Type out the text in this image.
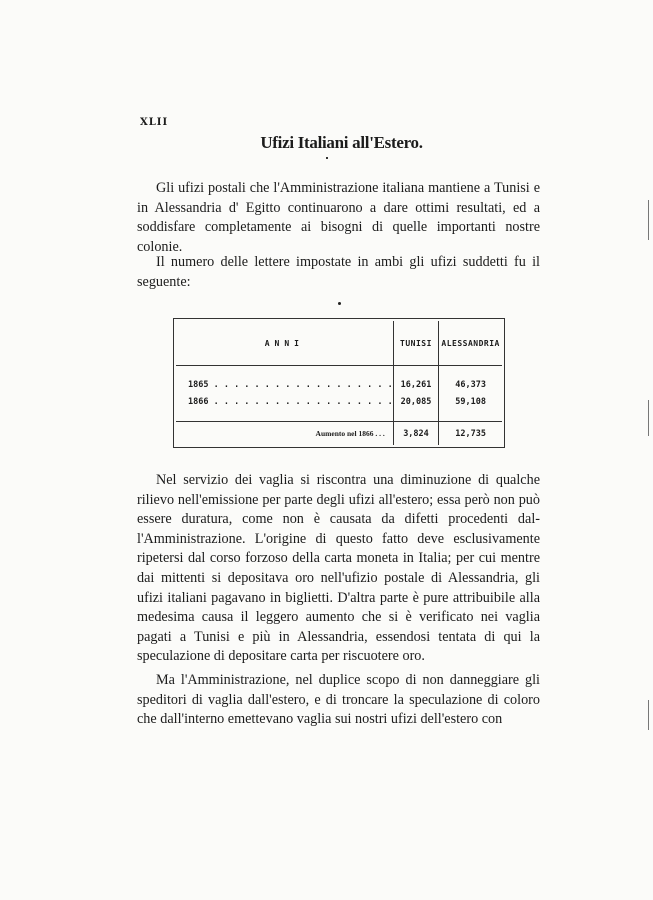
XLII
Ufizi Italiani all'Estero.
Gli ufizi postali che l'Amministrazione italiana mantiene a Tunisi e in Alessandria d' Egitto continuarono a dare ottimi resultati, ed a soddisfare completamente ai bisogni di quelle importanti nostre colonie.
Il numero delle lettere impostate in ambi gli ufizi suddetti fu il seguente:
ANNI	TUNISI	ALESSANDRIA

1865 . . . . . . . . . . . . . . . . . .	16,261	46,373
1866 . . . . . . . . . . . . . . . . . .	20,085	59,108

Aumento nel 1866 . . .	3,824	12,735
Nel servizio dei vaglia si riscontra una diminuzione di qualche rilievo nell'emissione per parte degli ufizi all'estero; essa però non può essere duratura, come non è causata da difetti procedenti dal-l'Amministrazione. L'origine di questo fatto deve esclusivamente ripetersi dal corso forzoso della carta moneta in Italia; per cui mentre dai mittenti si depositava oro nell'ufizio postale di Alessandria, gli ufizi italiani pagavano in biglietti. D'altra parte è pure attribuibile alla medesima causa il leggero aumento che si è verificato nei vaglia pagati a Tunisi e più in Alessandria, essendosi tentata di qui la speculazione di depositare carta per riscuotere oro.
Ma l'Amministrazione, nel duplice scopo di non danneggiare gli speditori di vaglia dall'estero, e di troncare la speculazione di coloro che dall'interno emettevano vaglia sui nostri ufizi dell'estero con
